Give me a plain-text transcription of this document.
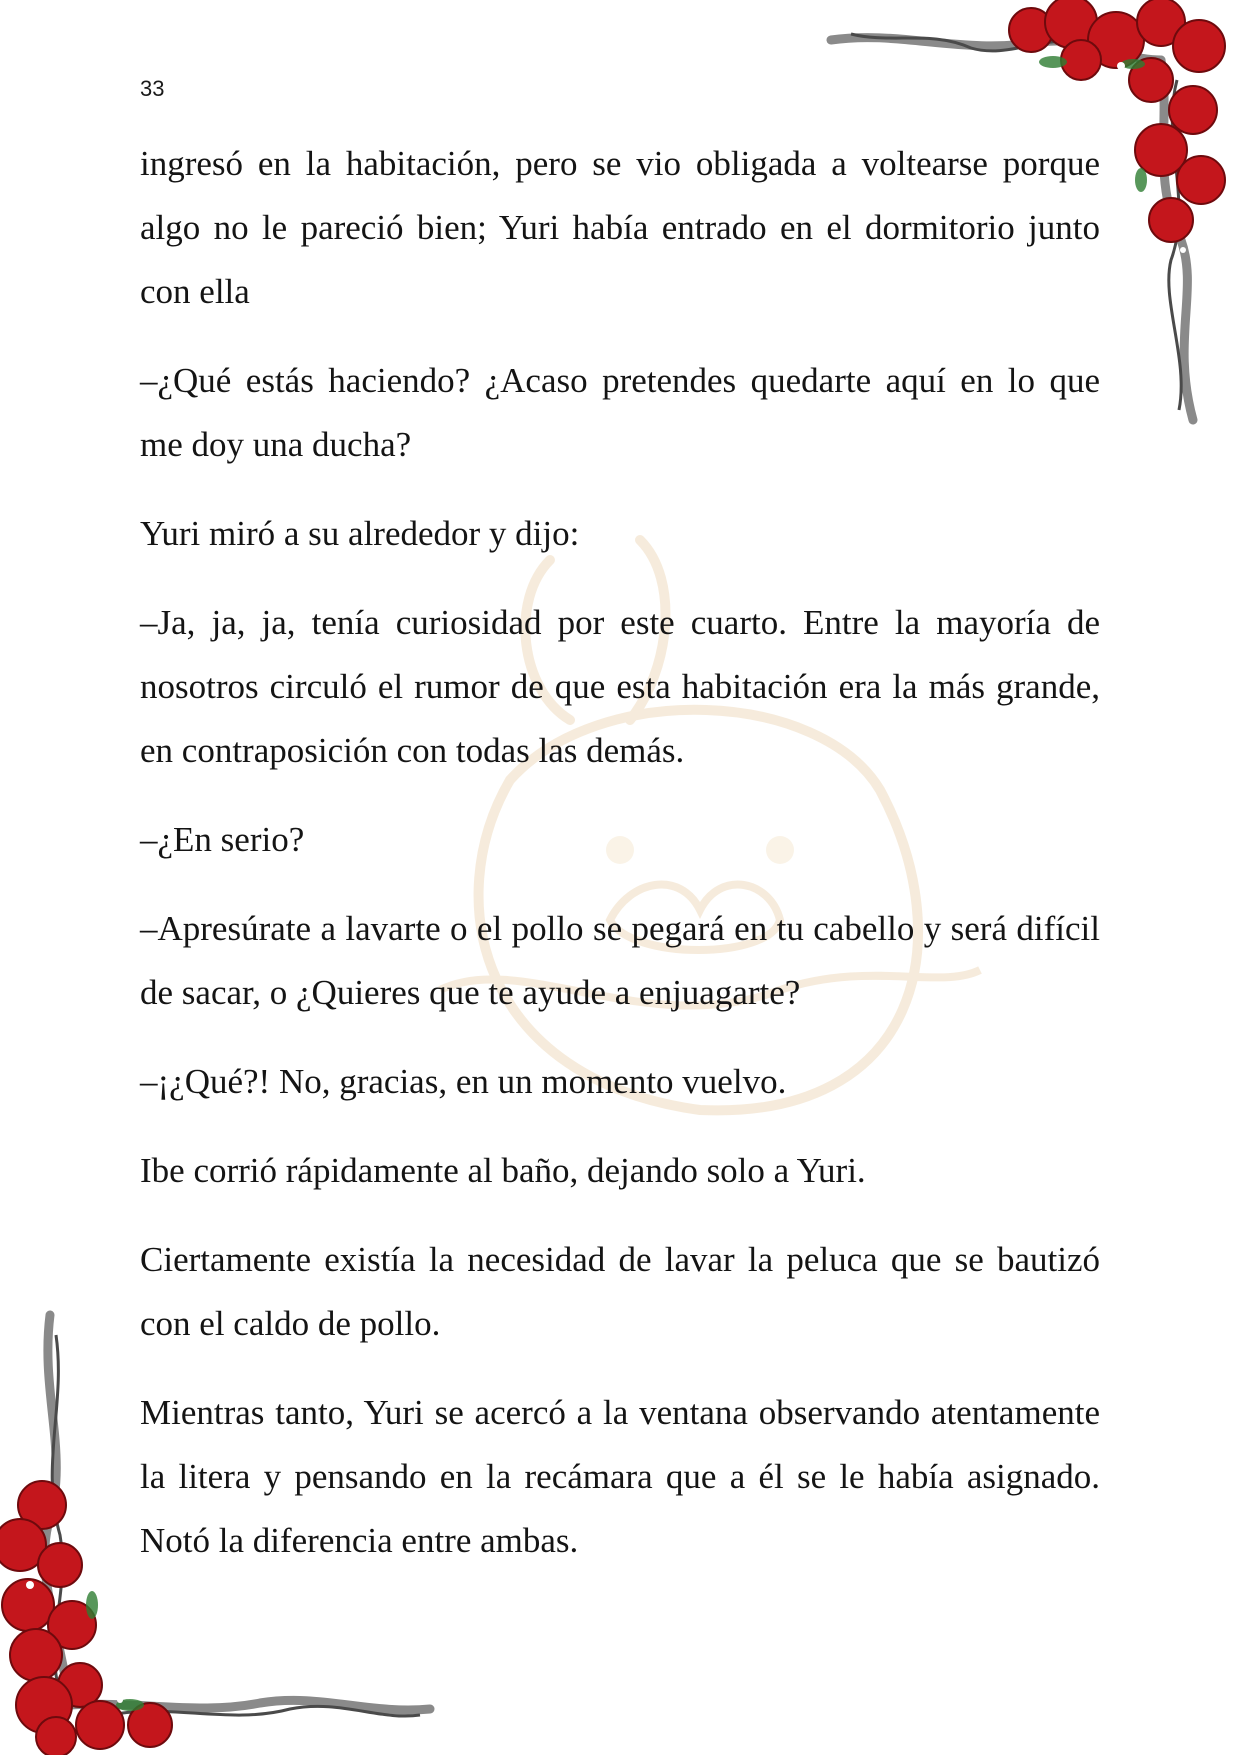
33

ingresó en la habitación, pero se vio obligada a voltearse porque algo no le pareció bien; Yuri había entrado en el dormitorio junto con ella

–¿Qué estás haciendo? ¿Acaso pretendes quedarte aquí en lo que me doy una ducha?

Yuri miró a su alrededor y dijo:

–Ja, ja, ja, tenía curiosidad por este cuarto. Entre la mayoría de nosotros circuló el rumor de que esta habitación era la más grande, en contraposición con todas las demás.

–¿En serio?

–Apresúrate a lavarte o el pollo se pegará en tu cabello y será difícil de sacar, o ¿Quieres que te ayude a enjuagarte?

–¡¿Qué?! No, gracias, en un momento vuelvo.

Ibe corrió rápidamente al baño, dejando solo a Yuri.

Ciertamente existía la necesidad de lavar la peluca que se bautizó con el caldo de pollo.

Mientras tanto, Yuri se acercó a la ventana observando atentamente la litera y pensando en la recámara que a él se le había asignado. Notó la diferencia entre ambas.
